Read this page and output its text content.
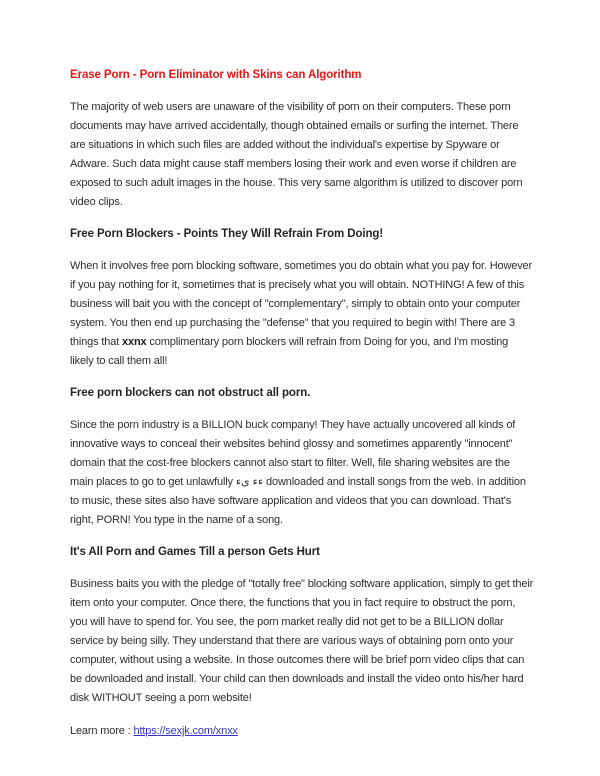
Erase Porn - Porn Eliminator with Skins can Algorithm

The majority of web users are unaware of the visibility of porn on their computers. These porn documents may have arrived accidentally, though obtained emails or surfing the internet. There are situations in which such files are added without the individual's expertise by Spyware or Adware. Such data might cause staff members losing their work and even worse if children are exposed to such adult images in the house. This very same algorithm is utilized to discover porn video clips.

Free Porn Blockers - Points They Will Refrain From Doing!

When it involves free porn blocking software, sometimes you do obtain what you pay for. However if you pay nothing for it, sometimes that is precisely what you will obtain. NOTHING! A few of this business will bait you with the concept of "complementary", simply to obtain onto your computer system. You then end up purchasing the "defense" that you required to begin with! There are 3 things that xxnx complimentary porn blockers will refrain from Doing for you, and I'm mosting likely to call them all!

Free porn blockers can not obstruct all porn.

Since the porn industry is a BILLION buck company! They have actually uncovered all kinds of innovative ways to conceal their websites behind glossy and sometimes apparently "innocent" domain that the cost-free blockers cannot also start to filter. Well, file sharing websites are the main places to go to get unlawfully ءء ىء downloaded and install songs from the web. In addition to music, these sites also have software application and videos that you can download. That's right, PORN! You type in the name of a song.

It's All Porn and Games Till a person Gets Hurt

Business baits you with the pledge of "totally free" blocking software application, simply to get their item onto your computer. Once there, the functions that you in fact require to obstruct the porn, you will have to spend for. You see, the porn market really did not get to be a BILLION dollar service by being silly. They understand that there are various ways of obtaining porn onto your computer, without using a website. In those outcomes there will be brief porn video clips that can be downloaded and install. Your child can then downloads and install the video onto his/her hard disk WITHOUT seeing a porn website!

Learn more : https://sexjk.com/xnxx
